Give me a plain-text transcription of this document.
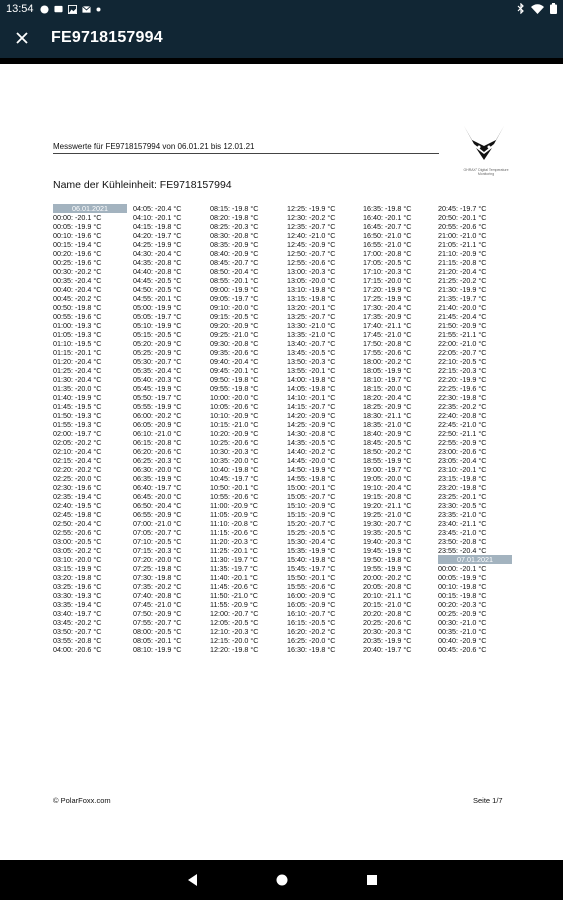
13:54
FE9718157994
GHRAX° Digital Temperature Monitoring
Messwerte für FE9718157994 von 06.01.21 bis 12.01.21
Name der Kühleinheit: FE9718157994
06.01.2021
00:00: -20.1 °C
00:05: -19.9 °C
00:10: -19.6 °C
00:15: -19.4 °C
00:20: -19.6 °C
00:25: -19.6 °C
00:30: -20.2 °C
00:35: -20.4 °C
00:40: -20.4 °C
00:45: -20.2 °C
00:50: -19.8 °C
00:55: -19.6 °C
01:00: -19.3 °C
01:05: -19.3 °C
01:10: -19.5 °C
01:15: -20.1 °C
01:20: -20.4 °C
01:25: -20.4 °C
01:30: -20.4 °C
01:35: -20.0 °C
01:40: -19.9 °C
01:45: -19.5 °C
01:50: -19.3 °C
01:55: -19.3 °C
02:00: -19.7 °C
02:05: -20.2 °C
02:10: -20.4 °C
02:15: -20.4 °C
02:20: -20.2 °C
02:25: -20.0 °C
02:30: -19.6 °C
02:35: -19.4 °C
02:40: -19.5 °C
02:45: -19.8 °C
02:50: -20.4 °C
02:55: -20.6 °C
03:00: -20.5 °C
03:05: -20.2 °C
03:10: -20.0 °C
03:15: -19.9 °C
03:20: -19.8 °C
03:25: -19.6 °C
03:30: -19.3 °C
03:35: -19.4 °C
03:40: -19.7 °C
03:45: -20.2 °C
03:50: -20.7 °C
03:55: -20.8 °C
04:00: -20.6 °C
04:05: -20.4 °C
04:10: -20.1 °C
04:15: -19.8 °C
04:20: -19.7 °C
04:25: -19.9 °C
04:30: -20.4 °C
04:35: -20.8 °C
04:40: -20.8 °C
04:45: -20.5 °C
04:50: -20.5 °C
04:55: -20.1 °C
05:00: -19.9 °C
05:05: -19.7 °C
05:10: -19.9 °C
05:15: -20.5 °C
05:20: -20.9 °C
05:25: -20.9 °C
05:30: -20.7 °C
05:35: -20.4 °C
05:40: -20.3 °C
05:45: -19.9 °C
05:50: -19.7 °C
05:55: -19.9 °C
06:00: -20.2 °C
06:05: -20.9 °C
06:10: -21.0 °C
06:15: -20.8 °C
06:20: -20.6 °C
06:25: -20.3 °C
06:30: -20.0 °C
06:35: -19.9 °C
06:40: -19.7 °C
06:45: -20.0 °C
06:50: -20.4 °C
06:55: -20.9 °C
07:00: -21.0 °C
07:05: -20.7 °C
07:10: -20.5 °C
07:15: -20.3 °C
07:20: -20.0 °C
07:25: -19.8 °C
07:30: -19.8 °C
07:35: -20.2 °C
07:40: -20.8 °C
07:45: -21.0 °C
07:50: -20.9 °C
07:55: -20.7 °C
08:00: -20.5 °C
08:05: -20.1 °C
08:10: -19.9 °C
08:15: -19.8 °C
08:20: -19.8 °C
08:25: -20.3 °C
08:30: -20.8 °C
08:35: -20.9 °C
08:40: -20.9 °C
08:45: -20.7 °C
08:50: -20.4 °C
08:55: -20.1 °C
09:00: -19.9 °C
09:05: -19.7 °C
09:10: -20.0 °C
09:15: -20.5 °C
09:20: -20.9 °C
09:25: -21.0 °C
09:30: -20.8 °C
09:35: -20.6 °C
09:40: -20.4 °C
09:45: -20.1 °C
09:50: -19.8 °C
09:55: -19.8 °C
10:00: -20.0 °C
10:05: -20.6 °C
10:10: -20.9 °C
10:15: -21.0 °C
10:20: -20.9 °C
10:25: -20.6 °C
10:30: -20.3 °C
10:35: -20.0 °C
10:40: -19.8 °C
10:45: -19.7 °C
10:50: -20.1 °C
10:55: -20.6 °C
11:00: -20.9 °C
11:05: -20.9 °C
11:10: -20.8 °C
11:15: -20.6 °C
11:20: -20.3 °C
11:25: -20.1 °C
11:30: -19.7 °C
11:35: -19.7 °C
11:40: -20.1 °C
11:45: -20.6 °C
11:50: -21.0 °C
11:55: -20.9 °C
12:00: -20.7 °C
12:05: -20.5 °C
12:10: -20.3 °C
12:15: -20.0 °C
12:20: -19.8 °C
12:25: -19.9 °C
12:30: -20.2 °C
12:35: -20.7 °C
12:40: -21.0 °C
12:45: -20.9 °C
12:50: -20.7 °C
12:55: -20.6 °C
13:00: -20.3 °C
13:05: -20.0 °C
13:10: -19.8 °C
13:15: -19.8 °C
13:20: -20.1 °C
13:25: -20.7 °C
13:30: -21.0 °C
13:35: -21.0 °C
13:40: -20.7 °C
13:45: -20.5 °C
13:50: -20.3 °C
13:55: -20.1 °C
14:00: -19.8 °C
14:05: -19.8 °C
14:10: -20.1 °C
14:15: -20.7 °C
14:20: -20.9 °C
14:25: -20.9 °C
14:30: -20.8 °C
14:35: -20.5 °C
14:40: -20.2 °C
14:45: -20.0 °C
14:50: -19.9 °C
14:55: -19.8 °C
15:00: -20.1 °C
15:05: -20.7 °C
15:10: -20.9 °C
15:15: -20.9 °C
15:20: -20.7 °C
15:25: -20.5 °C
15:30: -20.4 °C
15:35: -19.9 °C
15:40: -19.8 °C
15:45: -19.7 °C
15:50: -20.1 °C
15:55: -20.6 °C
16:00: -20.9 °C
16:05: -20.9 °C
16:10: -20.7 °C
16:15: -20.5 °C
16:20: -20.2 °C
16:25: -20.0 °C
16:30: -19.8 °C
16:35: -19.8 °C
16:40: -20.1 °C
16:45: -20.7 °C
16:50: -21.0 °C
16:55: -21.0 °C
17:00: -20.8 °C
17:05: -20.5 °C
17:10: -20.3 °C
17:15: -20.0 °C
17:20: -19.9 °C
17:25: -19.9 °C
17:30: -20.4 °C
17:35: -20.9 °C
17:40: -21.1 °C
17:45: -21.0 °C
17:50: -20.8 °C
17:55: -20.6 °C
18:00: -20.2 °C
18:05: -19.9 °C
18:10: -19.7 °C
18:15: -20.0 °C
18:20: -20.4 °C
18:25: -20.9 °C
18:30: -21.1 °C
18:35: -21.0 °C
18:40: -20.9 °C
18:45: -20.5 °C
18:50: -20.2 °C
18:55: -19.9 °C
19:00: -19.7 °C
19:05: -20.0 °C
19:10: -20.4 °C
19:15: -20.8 °C
19:20: -21.1 °C
19:25: -21.0 °C
19:30: -20.7 °C
19:35: -20.5 °C
19:40: -20.3 °C
19:45: -19.9 °C
19:50: -19.8 °C
19:55: -19.9 °C
20:00: -20.2 °C
20:05: -20.8 °C
20:10: -21.1 °C
20:15: -21.0 °C
20:20: -20.8 °C
20:25: -20.6 °C
20:30: -20.3 °C
20:35: -19.9 °C
20:40: -19.7 °C
20:45: -19.7 °C
20:50: -20.1 °C
20:55: -20.6 °C
21:00: -21.0 °C
21:05: -21.1 °C
21:10: -20.9 °C
21:15: -20.8 °C
21:20: -20.4 °C
21:25: -20.2 °C
21:30: -19.9 °C
21:35: -19.7 °C
21:40: -20.0 °C
21:45: -20.4 °C
21:50: -20.9 °C
21:55: -21.1 °C
22:00: -21.0 °C
22:05: -20.7 °C
22:10: -20.5 °C
22:15: -20.3 °C
22:20: -19.9 °C
22:25: -19.6 °C
22:30: -19.8 °C
22:35: -20.2 °C
22:40: -20.8 °C
22:45: -21.0 °C
22:50: -21.1 °C
22:55: -20.9 °C
23:00: -20.6 °C
23:05: -20.4 °C
23:10: -20.1 °C
23:15: -19.8 °C
23:20: -19.8 °C
23:25: -20.1 °C
23:30: -20.5 °C
23:35: -21.0 °C
23:40: -21.1 °C
23:45: -21.0 °C
23:50: -20.8 °C
23:55: -20.4 °C
07.01.2021
00:00: -20.1 °C
00:05: -19.9 °C
00:10: -19.8 °C
00:15: -19.8 °C
00:20: -20.3 °C
00:25: -20.9 °C
00:30: -21.0 °C
00:35: -21.0 °C
00:40: -20.9 °C
00:45: -20.6 °C
© PolarFoxx.com	Seite 1/7
